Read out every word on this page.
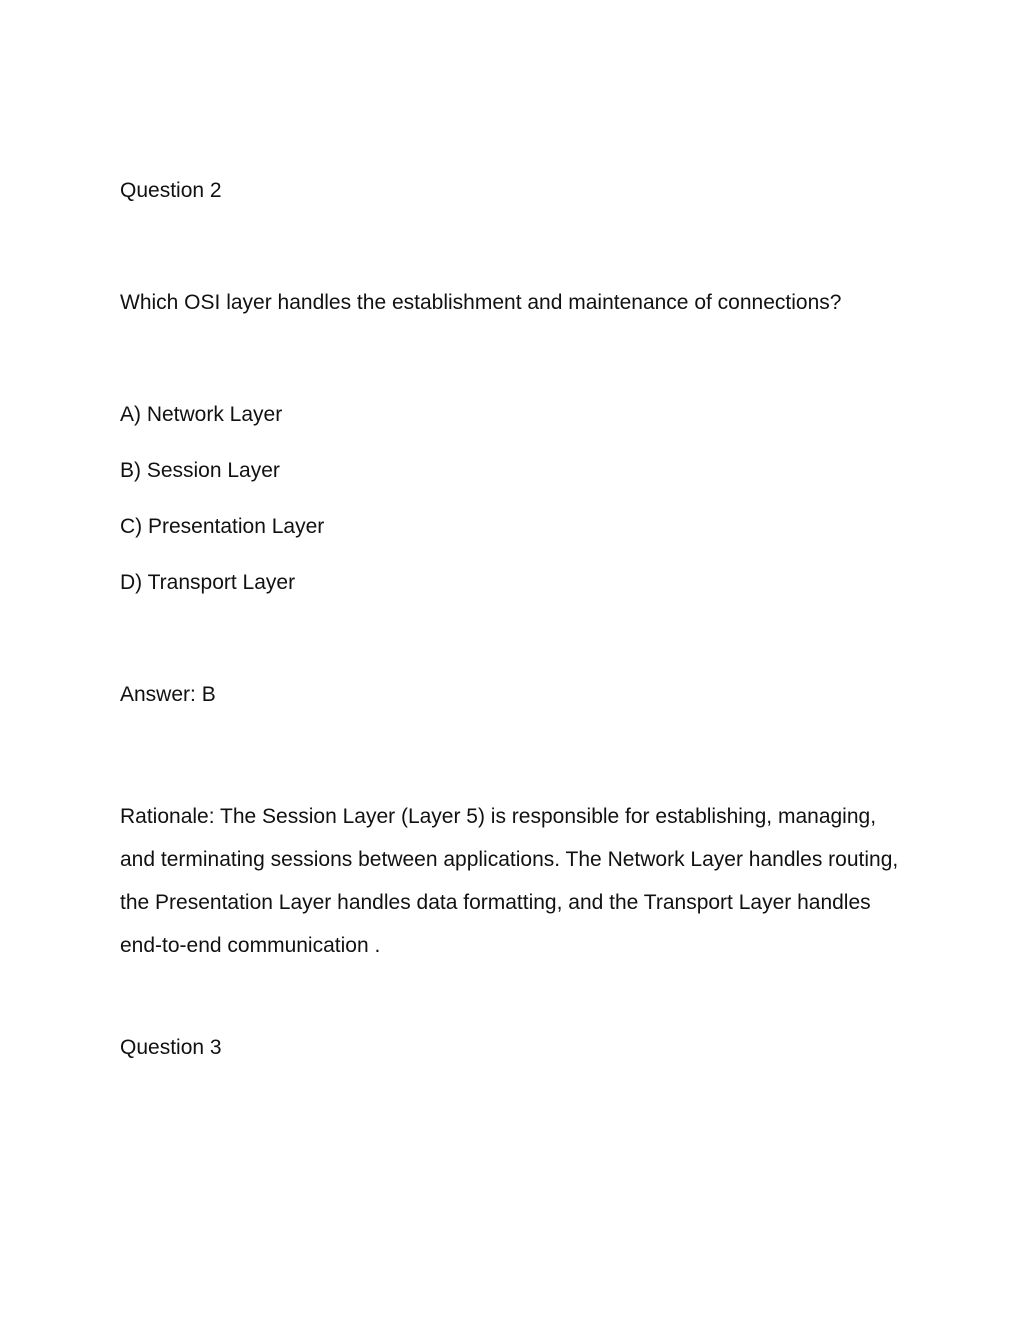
Question 2

Which OSI layer handles the establishment and maintenance of connections?

A) Network Layer

B) Session Layer

C) Presentation Layer

D) Transport Layer

Answer: B

Rationale: The Session Layer (Layer 5) is responsible for establishing, managing, and terminating sessions between applications. The Network Layer handles routing, the Presentation Layer handles data formatting, and the Transport Layer handles end-to-end communication .

Question 3
